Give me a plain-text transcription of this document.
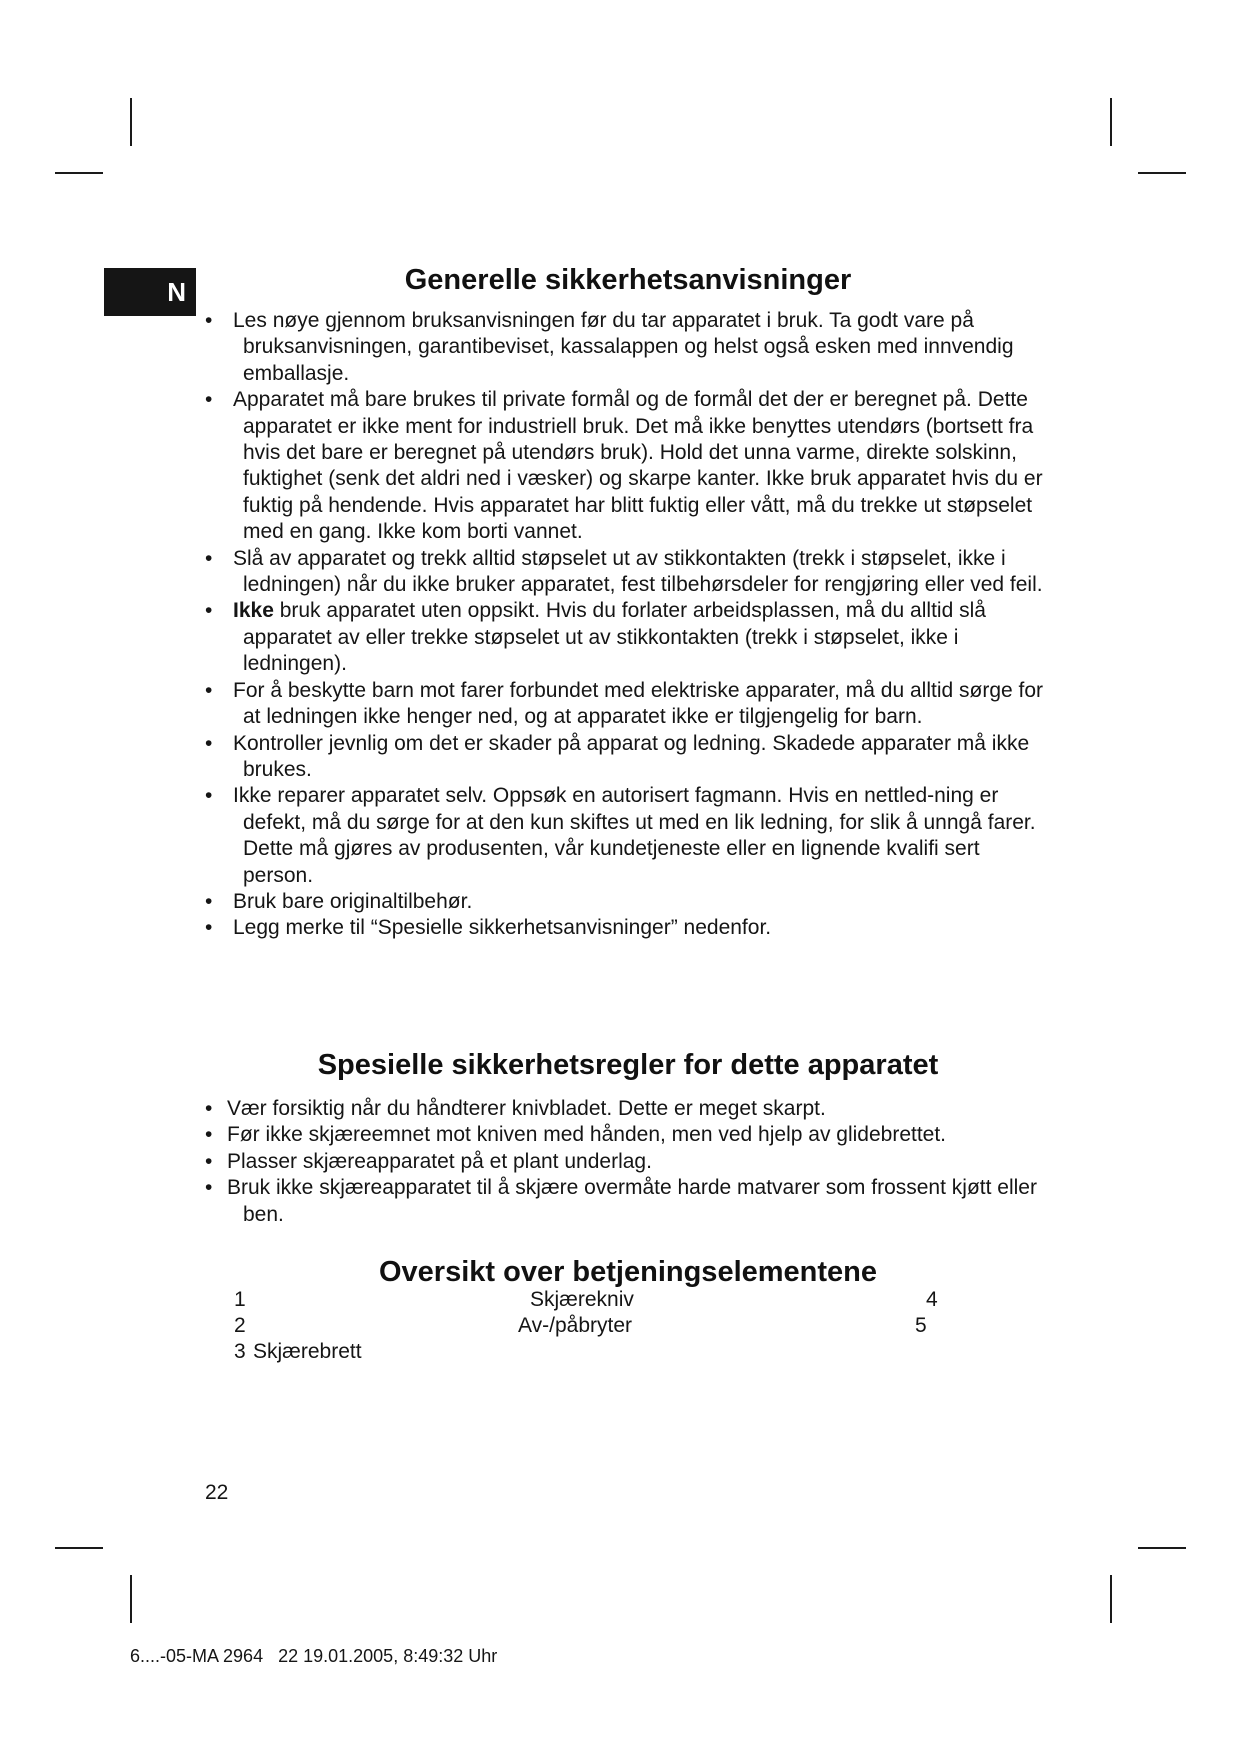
N	Generelle sikkerhetsanvisninger
• Les nøye gjennom bruksanvisningen før du tar apparatet i bruk. Ta godt vare på bruksanvisningen, garantibeviset, kassalappen og helst også esken med innvendig emballasje.
• Apparatet må bare brukes til private formål og de formål det der er beregnet på. Dette apparatet er ikke ment for industriell bruk. Det må ikke benyttes utendørs (bortsett fra hvis det bare er beregnet på utendørs bruk). Hold det unna varme, direkte solskinn, fuktighet (senk det aldri ned i væsker) og skarpe kanter. Ikke bruk apparatet hvis du er fuktig på hendende. Hvis apparatet har blitt fuktig eller vått, må du trekke ut støpselet med en gang. Ikke kom borti vannet.
• Slå av apparatet og trekk alltid støpselet ut av stikkontakten (trekk i støpselet, ikke i ledningen) når du ikke bruker apparatet, fest tilbehørsdeler for rengjøring eller ved feil.
• Ikke bruk apparatet uten oppsikt. Hvis du forlater arbeidsplassen, må du alltid slå apparatet av eller trekke støpselet ut av stikkontakten (trekk i støpselet, ikke i ledningen).
• For å beskytte barn mot farer forbundet med elektriske apparater, må du alltid sørge for at ledningen ikke henger ned, og at apparatet ikke er tilgjengelig for barn.
• Kontroller jevnlig om det er skader på apparat og ledning. Skadede apparater må ikke brukes.
• Ikke reparer apparatet selv. Oppsøk en autorisert fagmann. Hvis en nettled-ning er defekt, må du sørge for at den kun skiftes ut med en lik ledning, for slik å unngå farer. Dette må gjøres av produsenten, vår kundetjeneste eller en lignende kvalifi sert person.
• Bruk bare originaltilbehør.
• Legg merke til “Spesielle sikkerhetsanvisninger” nedenfor.
Spesielle sikkerhetsregler for dette apparatet
• Vær forsiktig når du håndterer knivbladet. Dette er meget skarpt.
• Før ikke skjæreemnet mot kniven med hånden, men ved hjelp av glidebrettet.
• Plasser skjæreapparatet på et plant underlag.
• Bruk ikke skjæreapparatet til å skjære overmåte harde matvarer som frossent kjøtt eller ben.
Oversikt over betjeningselementene
1	Skjærekniv	4
2	Av-/påbryter	5
3 Skjærebrett
22
6....-05-MA 2964   22 19.01.2005, 8:49:32 Uhr
